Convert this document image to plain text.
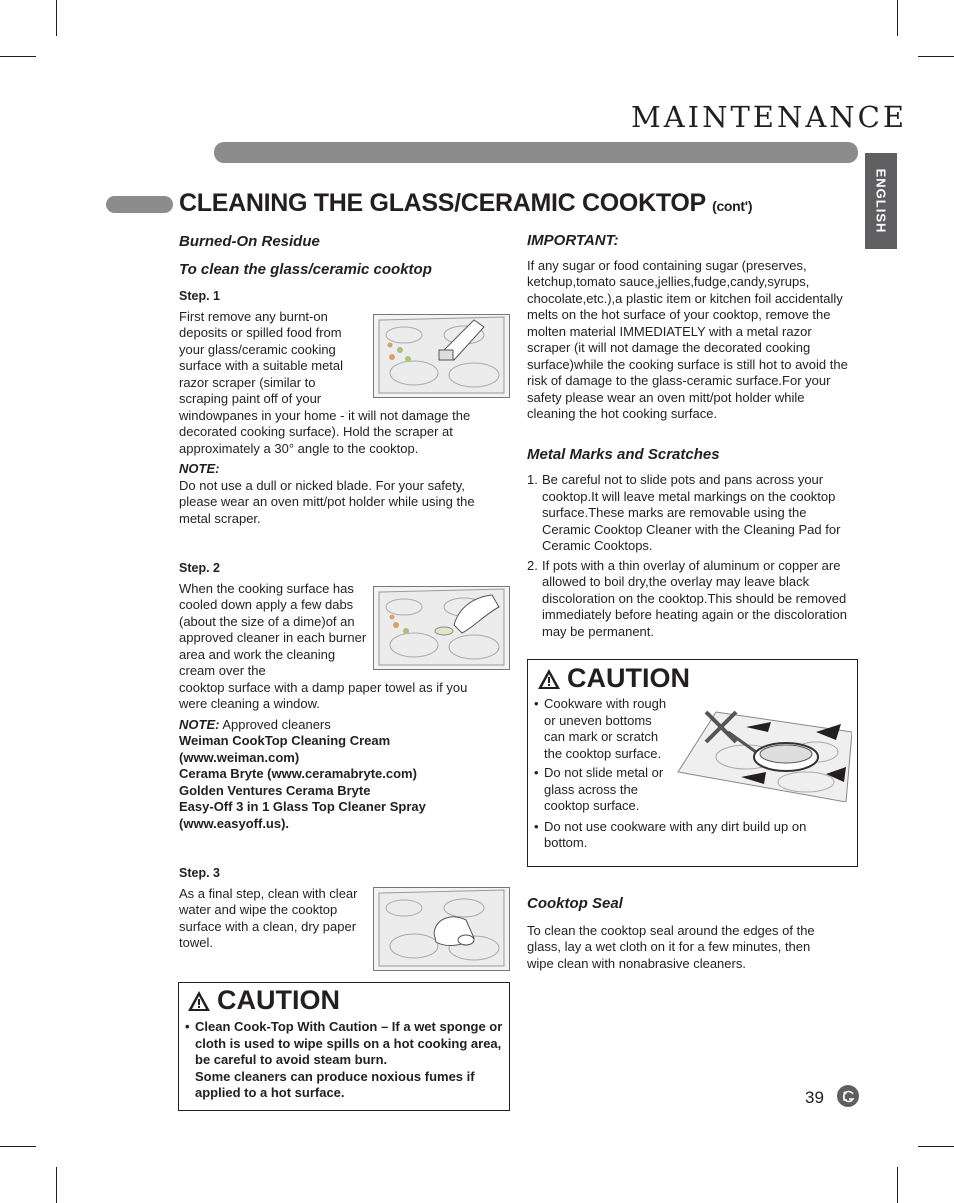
MAINTENANCE
ENGLISH
CLEANING THE GLASS/CERAMIC COOKTOP (cont')

Burned-On Residue

To clean the glass/ceramic cooktop

Step. 1

First remove any burnt-on deposits or spilled food from your glass/ceramic cooking surface with a suitable metal razor scraper (similar to scraping paint off of your

windowpanes in your home - it will not damage the decorated cooking surface). Hold the scraper at approximately a 30° angle to the cooktop.

NOTE:

Do not use a dull or nicked blade. For your safety, please wear an oven mitt/pot holder while using the metal scraper.

Step. 2

When the cooking surface has cooled down apply a few dabs (about the size of a dime)of an approved cleaner in each burner area and work the cleaning cream over the

cooktop surface with a damp paper towel as if you were cleaning a window.

NOTE: Approved cleaners

Weiman CookTop Cleaning Cream (www.weiman.com)

Cerama Bryte (www.ceramabryte.com)

Golden Ventures Cerama Bryte

Easy-Off 3 in 1 Glass Top Cleaner Spray (www.easyoff.us).

Step. 3

As a final step, clean with clear water and wipe the cooktop surface with a clean, dry paper towel.

CAUTION

• Clean Cook-Top With Caution – If a wet sponge or cloth is used to wipe spills on a hot cooking area, be careful to avoid steam burn.

Some cleaners can produce noxious fumes if applied to a hot surface.

IMPORTANT:

If any sugar or food containing sugar (preserves, ketchup,tomato sauce,jellies,fudge,candy,syrups, chocolate,etc.),a plastic item or kitchen foil accidentally melts on the hot surface of your cooktop, remove the molten material IMMEDIATELY with a metal razor scraper (it will not damage the decorated cooking surface)while the cooking surface is still hot to avoid the risk of damage to the glass-ceramic surface.For your safety please wear an oven mitt/pot holder while cleaning the hot cooking surface.

Metal Marks and Scratches

1. Be careful not to slide pots and pans across your cooktop.It will leave metal markings on the cooktop surface.These marks are removable using the Ceramic Cooktop Cleaner with the Cleaning Pad for Ceramic Cooktops.
2. If pots with a thin overlay of aluminum or copper are allowed to boil dry,the overlay may leave black discoloration on the cooktop.This should be removed immediately before heating again or the discoloration may be permanent.
CAUTION

• Cookware with rough or uneven bottoms can mark or scratch the cooktop surface.

• Do not slide metal or glass across the cooktop surface.

• Do not use cookware with any dirt build up on bottom.

Cooktop Seal

To clean the cooktop seal around the edges of the glass, lay a wet cloth on it for a few minutes, then wipe clean with nonabrasive cleaners.

39
